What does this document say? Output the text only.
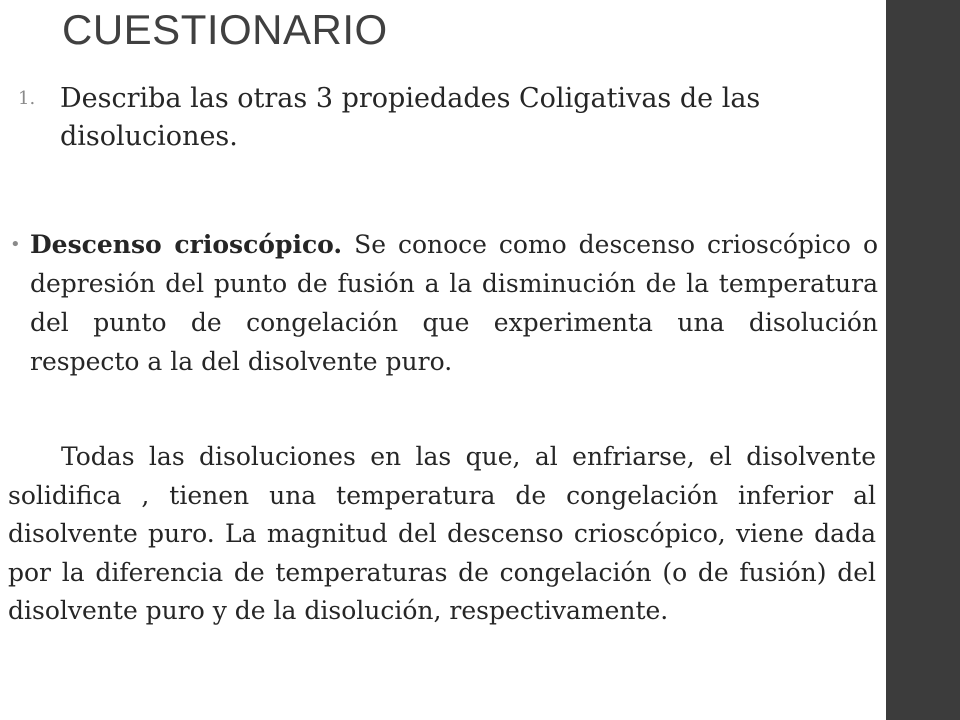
CUESTIONARIO
1. Describa las otras 3 propiedades Coligativas de las disoluciones.
• Descenso crioscópico. Se conoce como descenso crioscópico o depresión del punto de fusión a la disminución de la temperatura del punto de congelación que experimenta una disolución respecto a la del disolvente puro.

Todas las disoluciones en las que, al enfriarse, el disolvente solidifica , tienen una temperatura de congelación inferior al disolvente puro. La magnitud del descenso crioscópico, viene dada por la diferencia de temperaturas de congelación (o de fusión) del disolvente puro y de la disolución, respectivamente.
